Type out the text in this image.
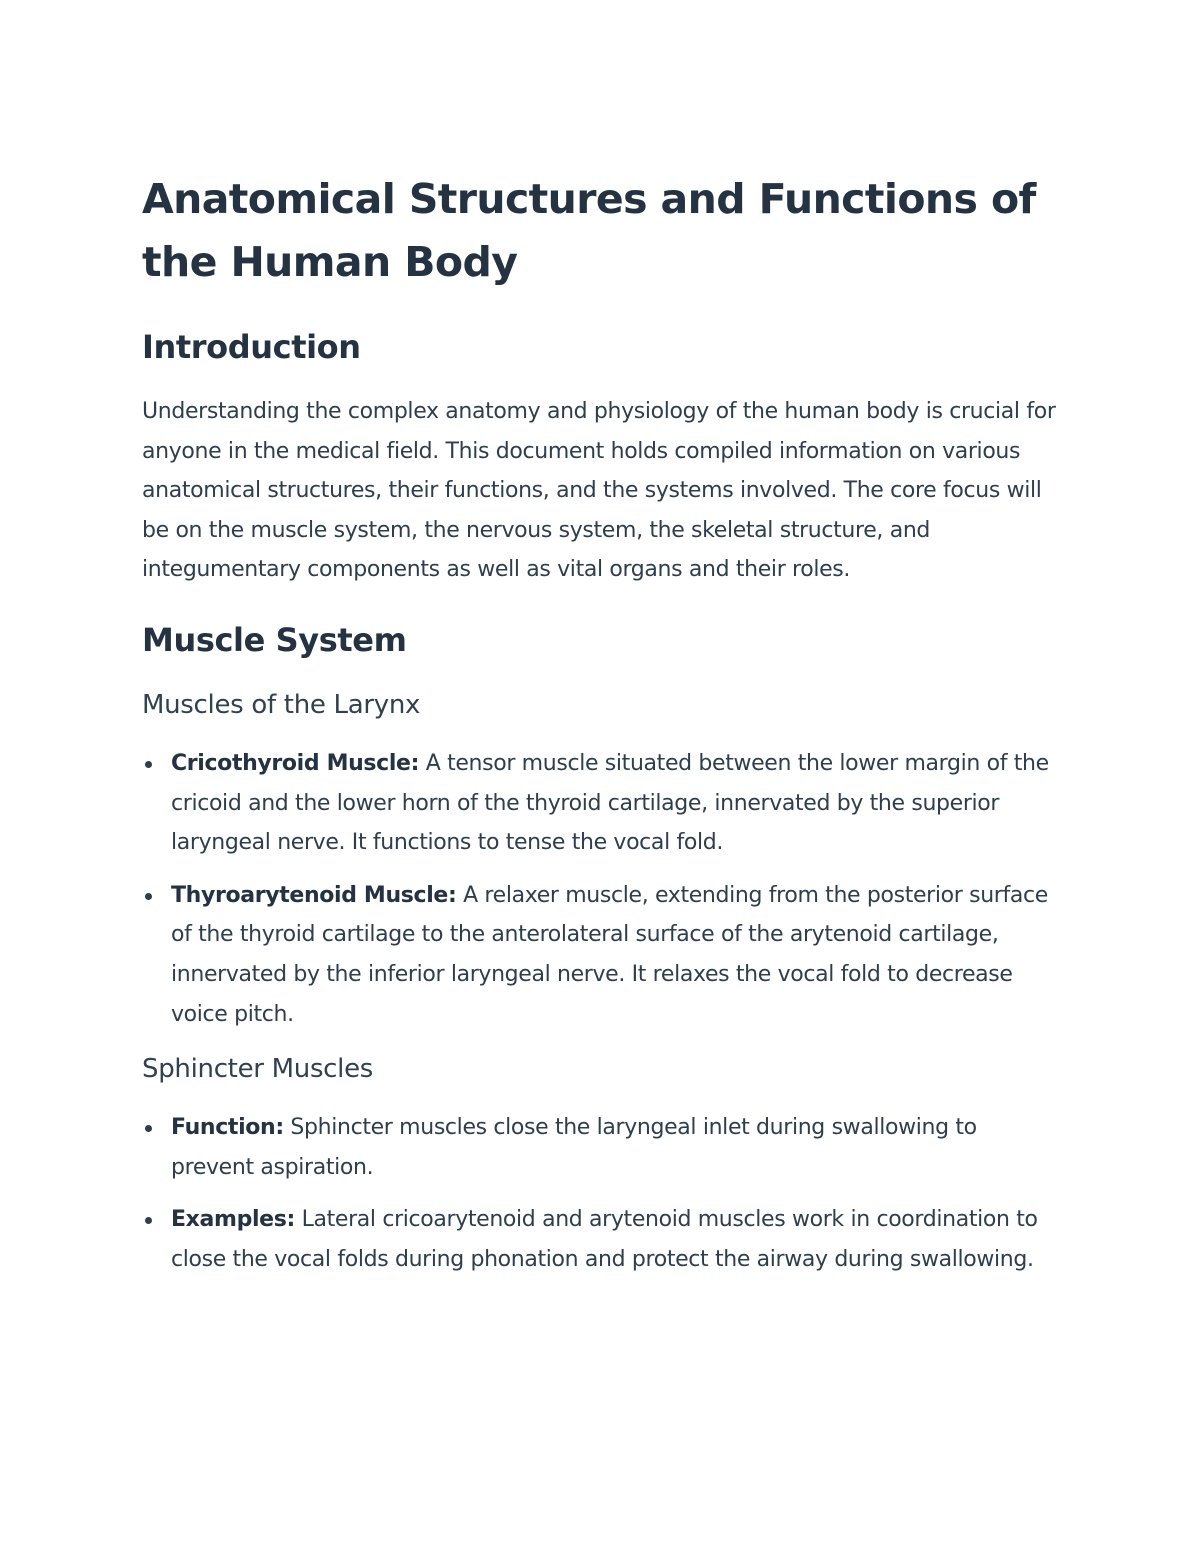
Anatomical Structures and Functions of the Human Body
Introduction

Understanding the complex anatomy and physiology of the human body is crucial for anyone in the medical field. This document holds compiled information on various anatomical structures, their functions, and the systems involved. The core focus will be on the muscle system, the nervous system, the skeletal structure, and integumentary components as well as vital organs and their roles.

Muscle System
Muscles of the Larynx
Cricothyroid Muscle: A tensor muscle situated between the lower margin of the cricoid and the lower horn of the thyroid cartilage, innervated by the superior laryngeal nerve. It functions to tense the vocal fold.
Thyroarytenoid Muscle: A relaxer muscle, extending from the posterior surface of the thyroid cartilage to the anterolateral surface of the arytenoid cartilage, innervated by the inferior laryngeal nerve. It relaxes the vocal fold to decrease voice pitch.
Sphincter Muscles
Function: Sphincter muscles close the laryngeal inlet during swallowing to prevent aspiration.
Examples: Lateral cricoarytenoid and arytenoid muscles work in coordination to close the vocal folds during phonation and protect the airway during swallowing.
